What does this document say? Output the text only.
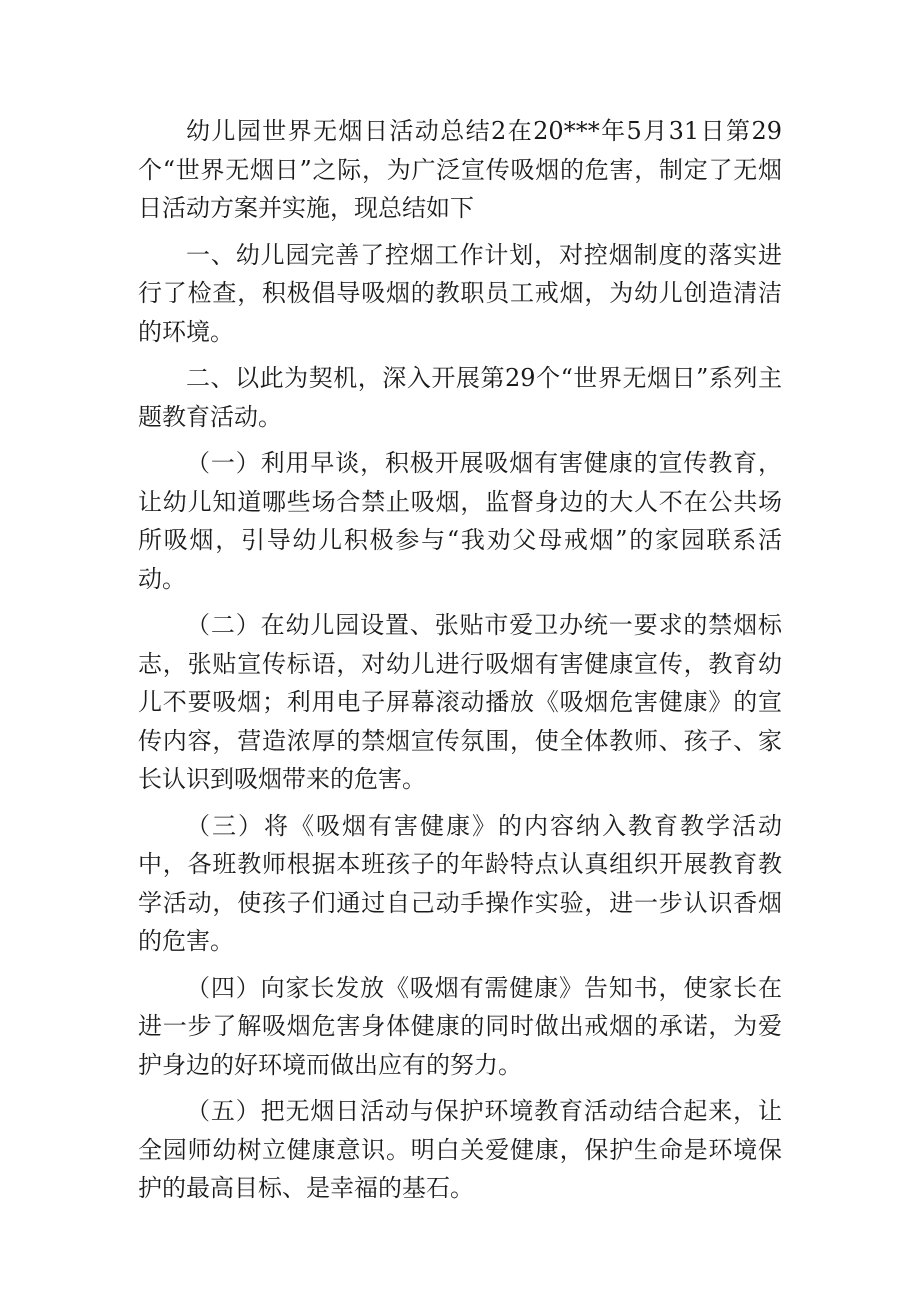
幼儿园世界无烟日活动总结2在20***年5月31日第29个“世界无烟日”之际，为广泛宣传吸烟的危害，制定了无烟日活动方案并实施，现总结如下

一、幼儿园完善了控烟工作计划，对控烟制度的落实进行了检查，积极倡导吸烟的教职员工戒烟，为幼儿创造清洁的环境。

二、以此为契机，深入开展第29个“世界无烟日”系列主题教育活动。

（一）利用早谈，积极开展吸烟有害健康的宣传教育，让幼儿知道哪些场合禁止吸烟，监督身边的大人不在公共场所吸烟，引导幼儿积极参与“我劝父母戒烟”的家园联系活动。

（二）在幼儿园设置、张贴市爱卫办统一要求的禁烟标志，张贴宣传标语，对幼儿进行吸烟有害健康宣传，教育幼儿不要吸烟；利用电子屏幕滚动播放《吸烟危害健康》的宣传内容，营造浓厚的禁烟宣传氛围，使全体教师、孩子、家长认识到吸烟带来的危害。

（三）将《吸烟有害健康》的内容纳入教育教学活动中，各班教师根据本班孩子的年龄特点认真组织开展教育教学活动，使孩子们通过自己动手操作实验，进一步认识香烟的危害。

（四）向家长发放《吸烟有需健康》告知书，使家长在进一步了解吸烟危害身体健康的同时做出戒烟的承诺，为爱护身边的好环境而做出应有的努力。

（五）把无烟日活动与保护环境教育活动结合起来，让全园师幼树立健康意识。明白关爱健康，保护生命是环境保护的最高目标、是幸福的基石。
